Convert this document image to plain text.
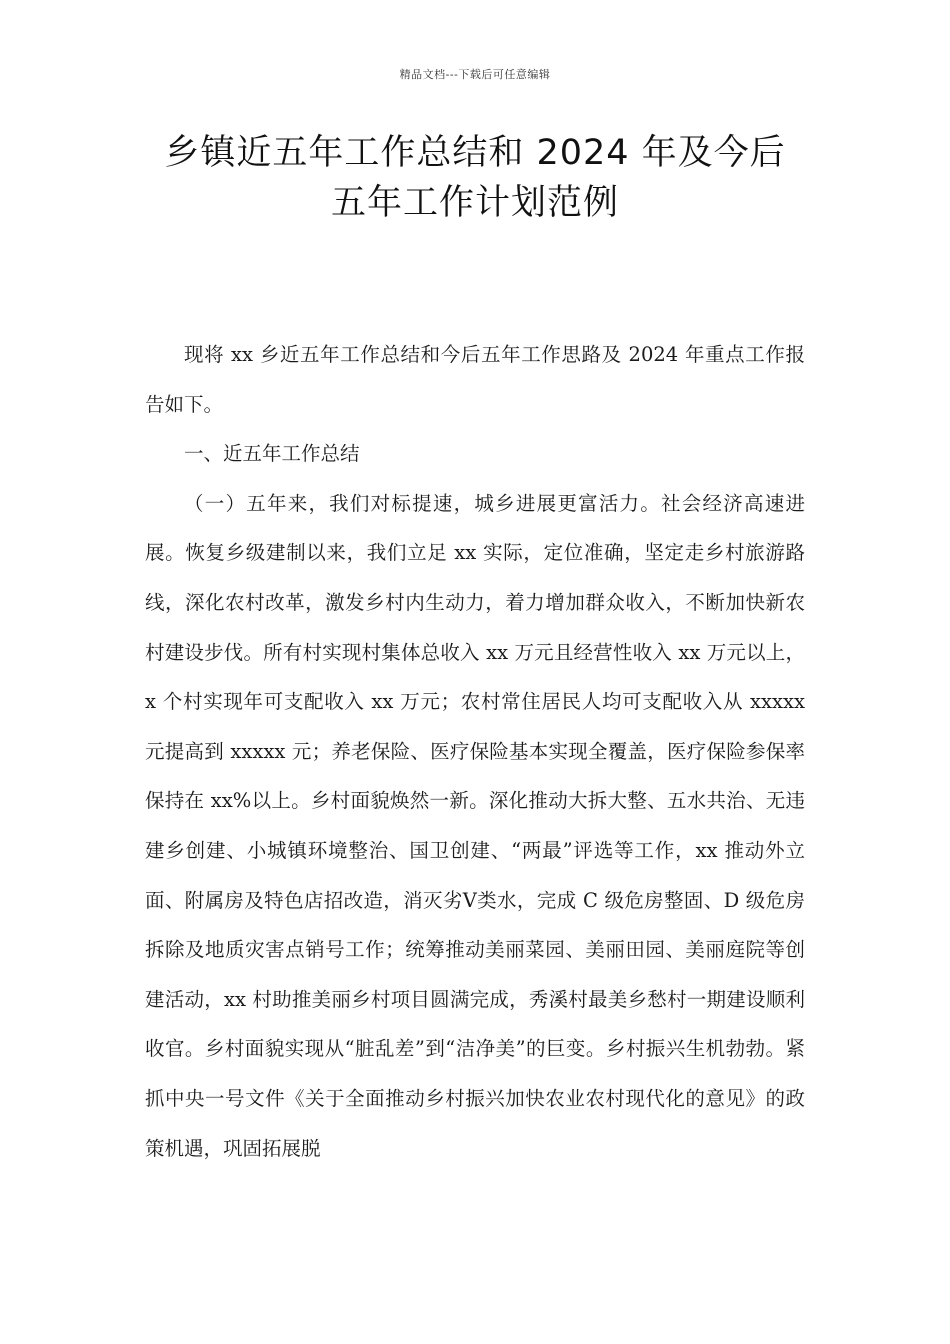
精品文档---下载后可任意编辑
乡镇近五年工作总结和 2024 年及今后
五年工作计划范例

现将 xx 乡近五年工作总结和今后五年工作思路及 2024 年重点工作报告如下。

一、近五年工作总结

（一）五年来，我们对标提速，城乡进展更富活力。社会经济高速进展。恢复乡级建制以来，我们立足 xx 实际，定位准确，坚定走乡村旅游路线，深化农村改革，激发乡村内生动力，着力增加群众收入，不断加快新农村建设步伐。所有村实现村集体总收入 xx 万元且经营性收入 xx 万元以上，x 个村实现年可支配收入 xx 万元；农村常住居民人均可支配收入从 xxxxx 元提高到 xxxxx 元；养老保险、医疗保险基本实现全覆盖，医疗保险参保率保持在 xx%以上。乡村面貌焕然一新。深化推动大拆大整、五水共治、无违建乡创建、小城镇环境整治、国卫创建、“两最”评选等工作，xx 推动外立面、附属房及特色店招改造，消灭劣Ⅴ类水，完成 C 级危房整固、D 级危房拆除及地质灾害点销号工作；统筹推动美丽菜园、美丽田园、美丽庭院等创建活动，xx 村助推美丽乡村项目圆满完成，秀溪村最美乡愁村一期建设顺利收官。乡村面貌实现从“脏乱差”到“洁净美”的巨变。乡村振兴生机勃勃。紧抓中央一号文件《关于全面推动乡村振兴加快农业农村现代化的意见》的政策机遇，巩固拓展脱
